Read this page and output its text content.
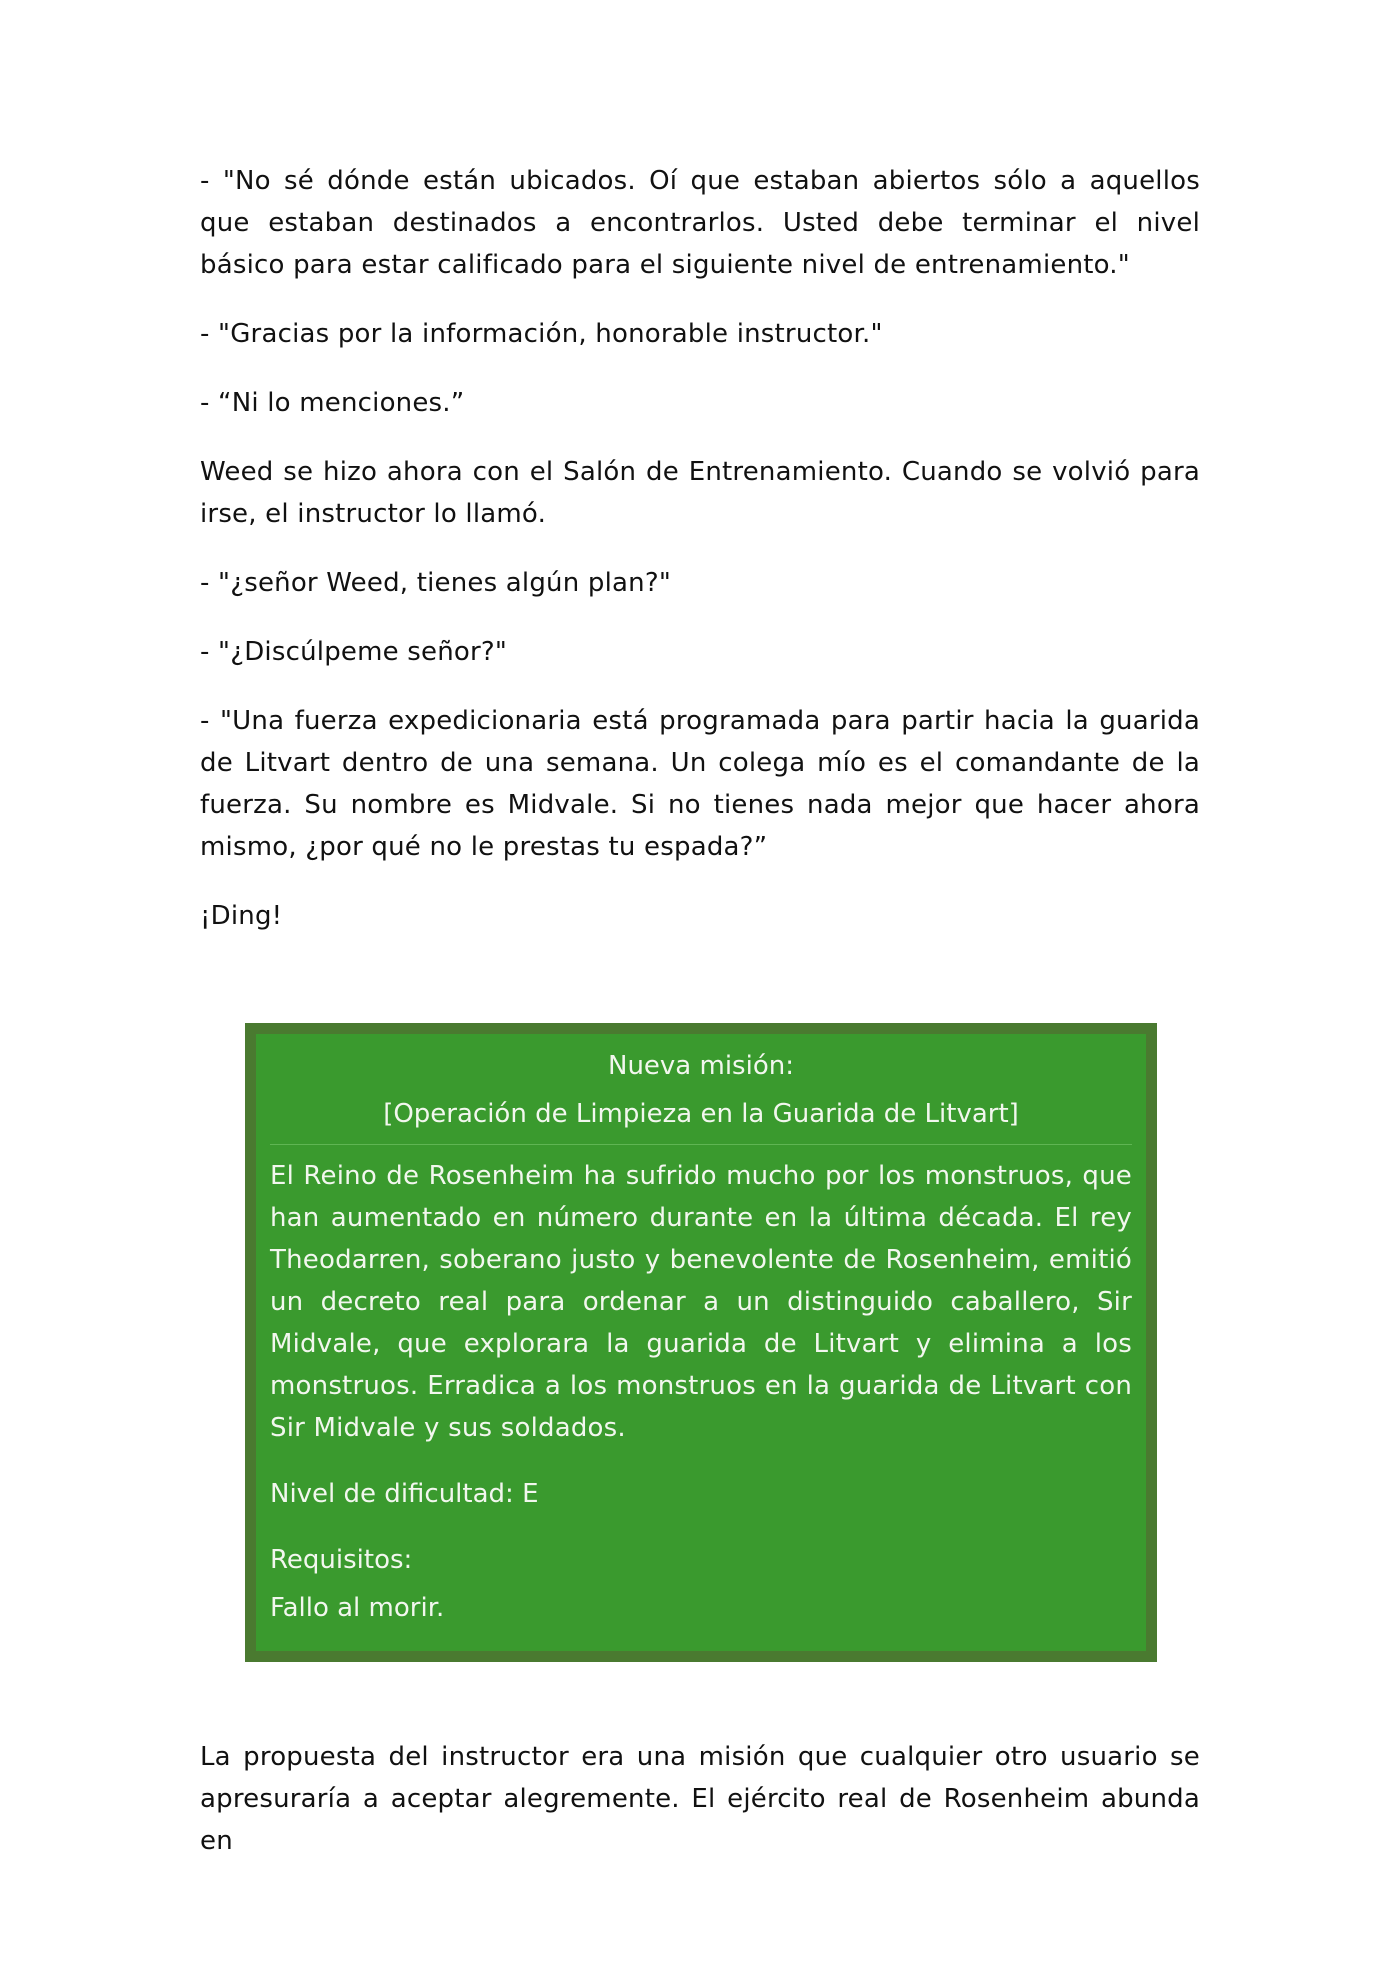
- "No sé dónde están ubicados. Oí que estaban abiertos sólo a aquellos que estaban destinados a encontrarlos. Usted debe terminar el nivel básico para estar calificado para el siguiente nivel de entrenamiento."

- "Gracias por la información, honorable instructor."

- “Ni lo menciones.”

Weed se hizo ahora con el Salón de Entrenamiento. Cuando se volvió para irse, el instructor lo llamó.

- "¿señor Weed, tienes algún plan?"

- "¿Discúlpeme señor?"

- "Una fuerza expedicionaria está programada para partir hacia la guarida de Litvart dentro de una semana. Un colega mío es el comandante de la fuerza. Su nombre es Midvale. Si no tienes nada mejor que hacer ahora mismo, ¿por qué no le prestas tu espada?”

¡Ding!

Nueva misión:

[Operación de Limpieza en la Guarida de Litvart]

El Reino de Rosenheim ha sufrido mucho por los monstruos, que han aumentado en número durante en la última década. El rey Theodarren, soberano justo y benevolente de Rosenheim, emitió un decreto real para ordenar a un distinguido caballero, Sir Midvale, que explorara la guarida de Litvart y elimina a los monstruos. Erradica a los monstruos en la guarida de Litvart con Sir Midvale y sus soldados.

Nivel de dificultad: E

Requisitos:

Fallo al morir.

La propuesta del instructor era una misión que cualquier otro usuario se apresuraría a aceptar alegremente. El ejército real de Rosenheim abunda en
